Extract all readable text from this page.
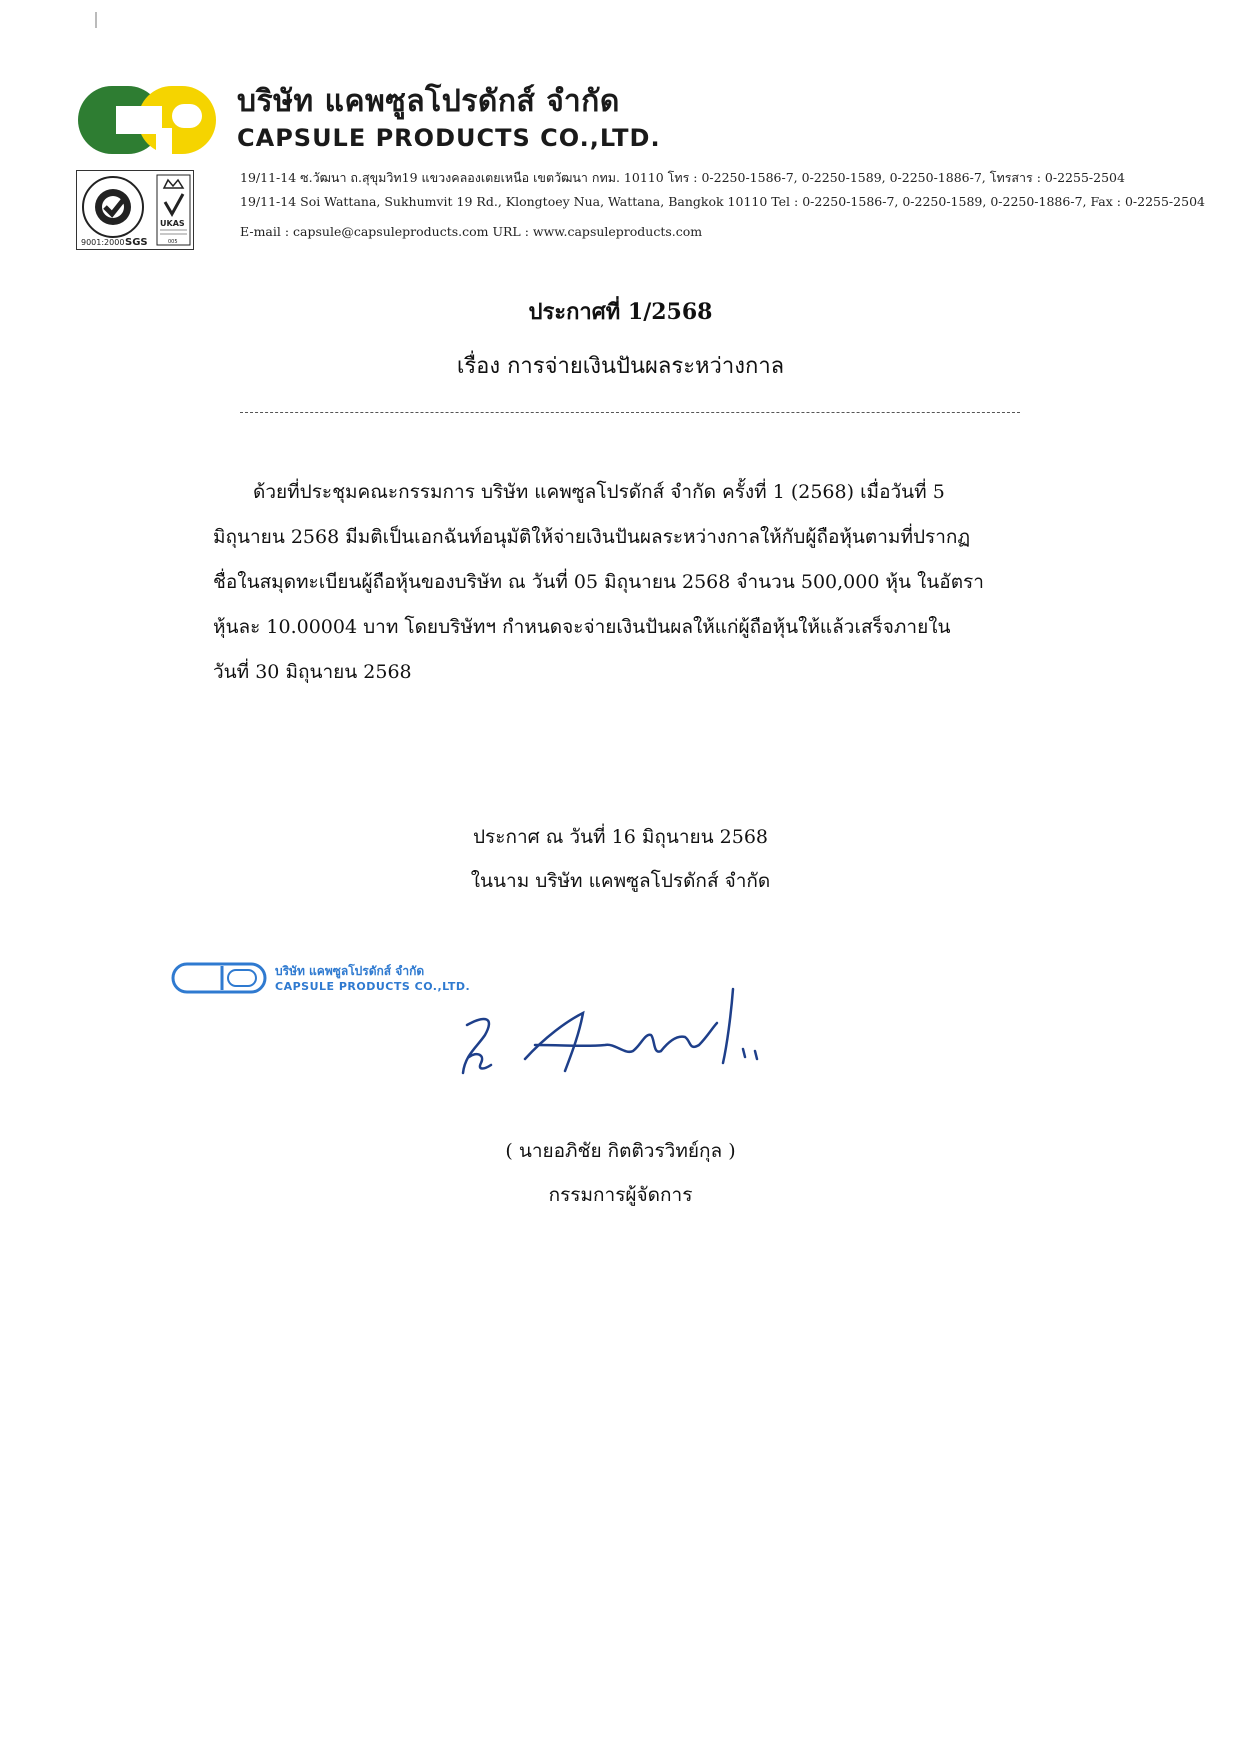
บริษัท แคพซูลโปรดักส์ จำกัด
CAPSULE PRODUCTS CO.,LTD.
9001:2000 SGS
UKAS
005

19/11-14 ซ.วัฒนา ถ.สุขุมวิท19 แขวงคลองเตยเหนือ เขตวัฒนา กทม. 10110 โทร : 0-2250-1586-7, 0-2250-1589, 0-2250-1886-7, โทรสาร : 0-2255-2504

19/11-14 Soi Wattana, Sukhumvit 19 Rd., Klongtoey Nua, Wattana, Bangkok 10110 Tel : 0-2250-1586-7, 0-2250-1589, 0-2250-1886-7, Fax : 0-2255-2504

E-mail : capsule@capsuleproducts.com URL : www.capsuleproducts.com

ประกาศที่ 1/2568

เรื่อง การจ่ายเงินปันผลระหว่างกาล

ด้วยที่ประชุมคณะกรรมการ บริษัท แคพซูลโปรดักส์ จำกัด ครั้งที่ 1 (2568) เมื่อวันที่ 5

มิถุนายน 2568 มีมติเป็นเอกฉันท์อนุมัติให้จ่ายเงินปันผลระหว่างกาลให้กับผู้ถือหุ้นตามที่ปรากฏ

ชื่อในสมุดทะเบียนผู้ถือหุ้นของบริษัท ณ วันที่ 05 มิถุนายน 2568 จำนวน 500,000 หุ้น ในอัตรา

หุ้นละ 10.00004 บาท โดยบริษัทฯ กำหนดจะจ่ายเงินปันผลให้แก่ผู้ถือหุ้นให้แล้วเสร็จภายใน

วันที่ 30 มิถุนายน 2568

ประกาศ ณ วันที่ 16 มิถุนายน 2568

ในนาม บริษัท แคพซูลโปรดักส์ จำกัด

บริษัท แคพซูลโปรดักส์ จำกัด

CAPSULE PRODUCTS CO.,LTD.

( นายอภิชัย กิตติวรวิทย์กุล )

กรรมการผู้จัดการ
